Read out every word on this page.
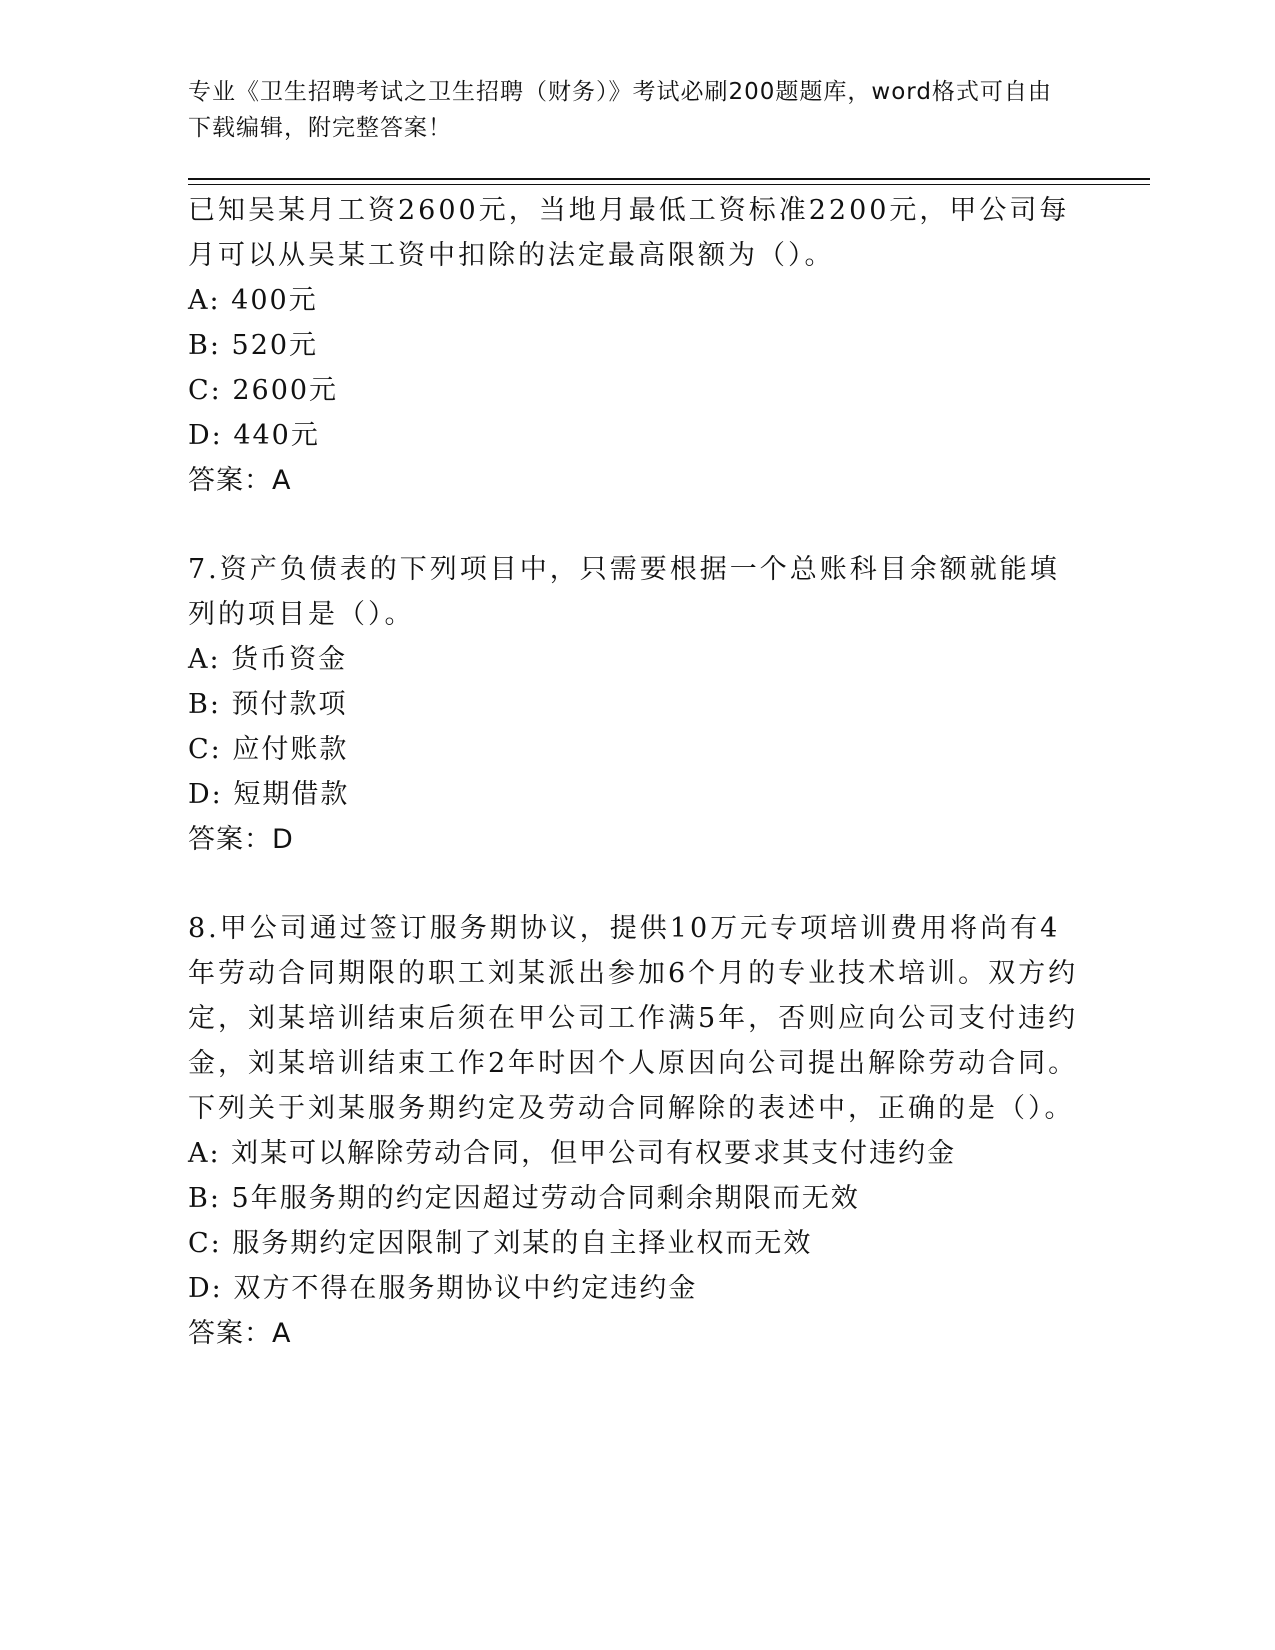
专业《卫生招聘考试之卫生招聘（财务）》考试必刷200题题库，word格式可自由下载编辑，附完整答案！

已知吴某月工资2600元，当地月最低工资标准2200元，甲公司每月可以从吴某工资中扣除的法定最高限额为（）。

A: 400元
B: 520元
C: 2600元
D: 440元
答案：A

7.资产负债表的下列项目中，只需要根据一个总账科目余额就能填列的项目是（）。

A: 货币资金
B: 预付款项
C: 应付账款
D: 短期借款
答案：D

8.甲公司通过签订服务期协议，提供10万元专项培训费用将尚有4年劳动合同期限的职工刘某派出参加6个月的专业技术培训。双方约定，刘某培训结束后须在甲公司工作满5年，否则应向公司支付违约金，刘某培训结束工作2年时因个人原因向公司提出解除劳动合同。下列关于刘某服务期约定及劳动合同解除的表述中，正确的是（）。

A: 刘某可以解除劳动合同，但甲公司有权要求其支付违约金
B: 5年服务期的约定因超过劳动合同剩余期限而无效
C: 服务期约定因限制了刘某的自主择业权而无效
D: 双方不得在服务期协议中约定违约金
答案：A
